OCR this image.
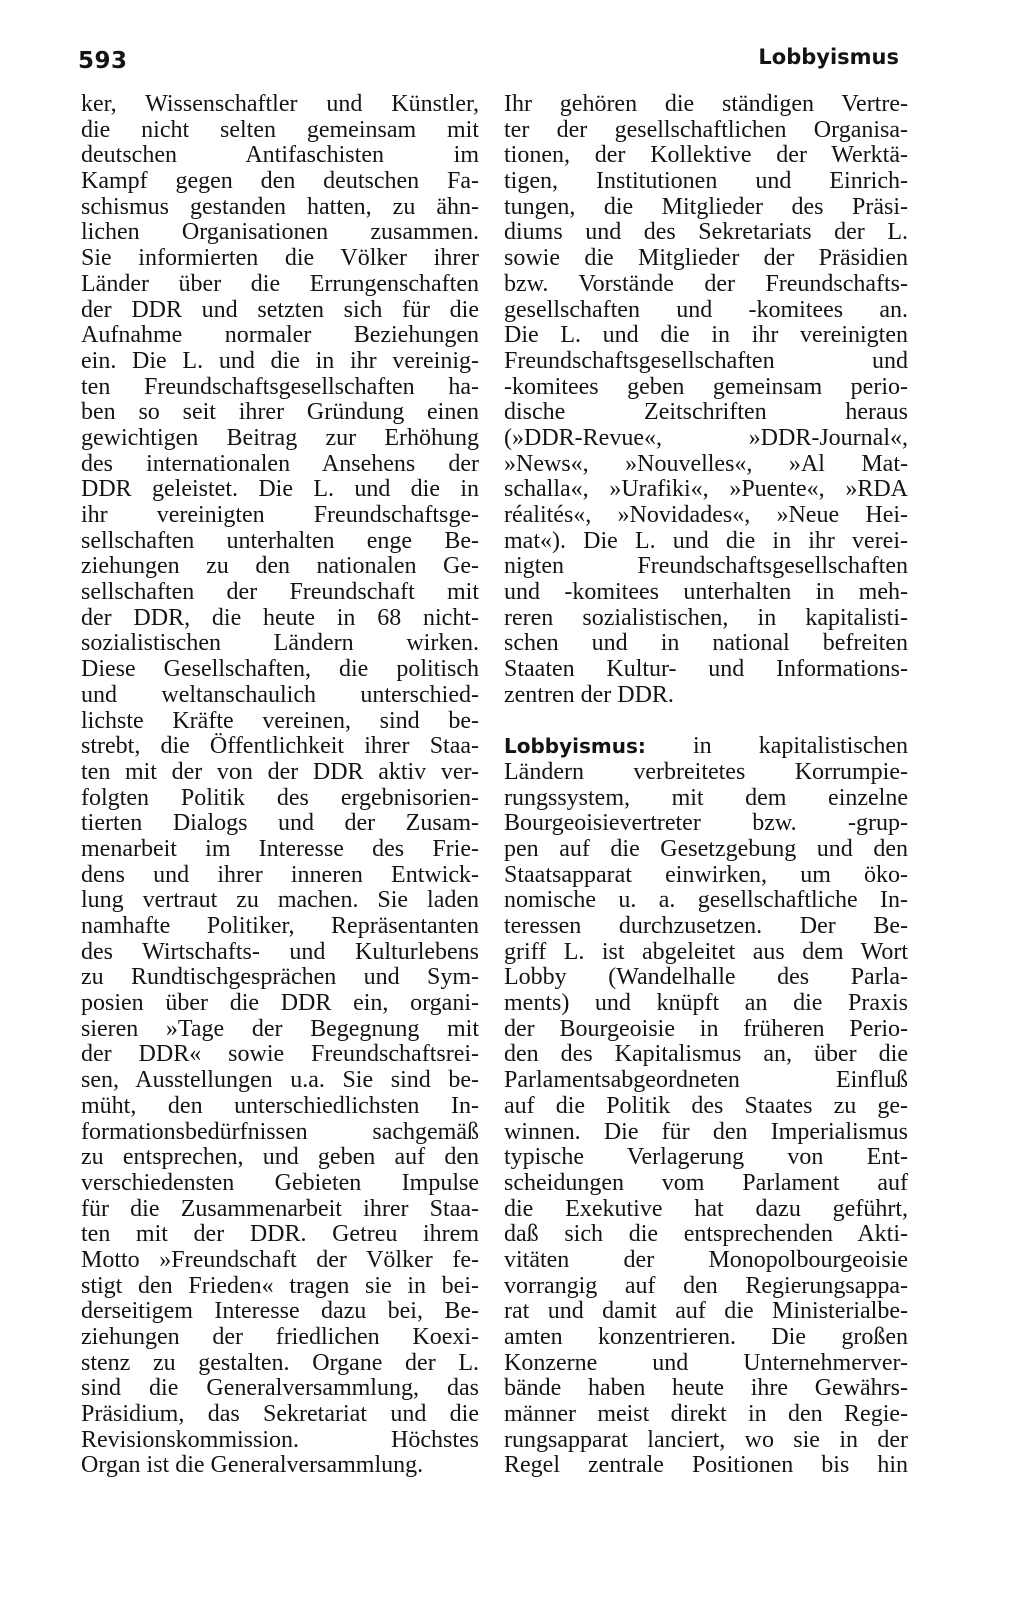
593	Lobbyismus
ker, Wissenschaftler und Künstler,
die nicht selten gemeinsam mit
deutschen Antifaschisten im
Kampf gegen den deutschen Fa-
schismus gestanden hatten, zu ähn-
lichen Organisationen zusammen.
Sie informierten die Völker ihrer
Länder über die Errungenschaften
der DDR und setzten sich für die
Aufnahme normaler Beziehungen
ein. Die L. und die in ihr vereinig-
ten Freundschaftsgesellschaften ha-
ben so seit ihrer Gründung einen
gewichtigen Beitrag zur Erhöhung
des internationalen Ansehens der
DDR geleistet. Die L. und die in
ihr vereinigten Freundschaftsge-
sellschaften unterhalten enge Be-
ziehungen zu den nationalen Ge-
sellschaften der Freundschaft mit
der DDR, die heute in 68 nicht-
sozialistischen Ländern wirken.
Diese Gesellschaften, die politisch
und weltanschaulich unterschied-
lichste Kräfte vereinen, sind be-
strebt, die Öffentlichkeit ihrer Staa-
ten mit der von der DDR aktiv ver-
folgten Politik des ergebnisorien-
tierten Dialogs und der Zusam-
menarbeit im Interesse des Frie-
dens und ihrer inneren Entwick-
lung vertraut zu machen. Sie laden
namhafte Politiker, Repräsentanten
des Wirtschafts- und Kulturlebens
zu Rundtischgesprächen und Sym-
posien über die DDR ein, organi-
sieren »Tage der Begegnung mit
der DDR« sowie Freundschaftsrei-
sen, Ausstellungen u.a. Sie sind be-
müht, den unterschiedlichsten In-
formationsbedürfnissen sachgemäß
zu entsprechen, und geben auf den
verschiedensten Gebieten Impulse
für die Zusammenarbeit ihrer Staa-
ten mit der DDR. Getreu ihrem
Motto »Freundschaft der Völker fe-
stigt den Frieden« tragen sie in bei-
derseitigem Interesse dazu bei, Be-
ziehungen der friedlichen Koexi-
stenz zu gestalten. Organe der L.
sind die Generalversammlung, das
Präsidium, das Sekretariat und die
Revisionskommission. Höchstes
Organ ist die Generalversammlung.
Ihr gehören die ständigen Vertre-
ter der gesellschaftlichen Organisa-
tionen, der Kollektive der Werktä-
tigen, Institutionen und Einrich-
tungen, die Mitglieder des Präsi-
diums und des Sekretariats der L.
sowie die Mitglieder der Präsidien
bzw. Vorstände der Freundschafts-
gesellschaften und -komitees an.
Die L. und die in ihr vereinigten
Freundschaftsgesellschaften und
-komitees geben gemeinsam perio-
dische Zeitschriften heraus
(»DDR-Revue«, »DDR-Journal«,
»News«, »Nouvelles«, »Al Mat-
schalla«, »Urafiki«, »Puente«, »RDA
réalités«, »Novidades«, »Neue Hei-
mat«). Die L. und die in ihr verei-
nigten Freundschaftsgesellschaften
und -komitees unterhalten in meh-
reren sozialistischen, in kapitalisti-
schen und in national befreiten
Staaten Kultur- und Informations-
zentren der DDR.
Lobbyismus: in kapitalistischen
Ländern verbreitetes Korrumpie-
rungssystem, mit dem einzelne
Bourgeoisievertreter bzw. -grup-
pen auf die Gesetzgebung und den
Staatsapparat einwirken, um öko-
nomische u. a. gesellschaftliche In-
teressen durchzusetzen. Der Be-
griff L. ist abgeleitet aus dem Wort
Lobby (Wandelhalle des Parla-
ments) und knüpft an die Praxis
der Bourgeoisie in früheren Perio-
den des Kapitalismus an, über die
Parlamentsabgeordneten Einfluß
auf die Politik des Staates zu ge-
winnen. Die für den Imperialismus
typische Verlagerung von Ent-
scheidungen vom Parlament auf
die Exekutive hat dazu geführt,
daß sich die entsprechenden Akti-
vitäten der Monopolbourgeoisie
vorrangig auf den Regierungsappa-
rat und damit auf die Ministerialbe-
amten konzentrieren. Die großen
Konzerne und Unternehmerver-
bände haben heute ihre Gewährs-
männer meist direkt in den Regie-
rungsapparat lanciert, wo sie in der
Regel zentrale Positionen bis hin
